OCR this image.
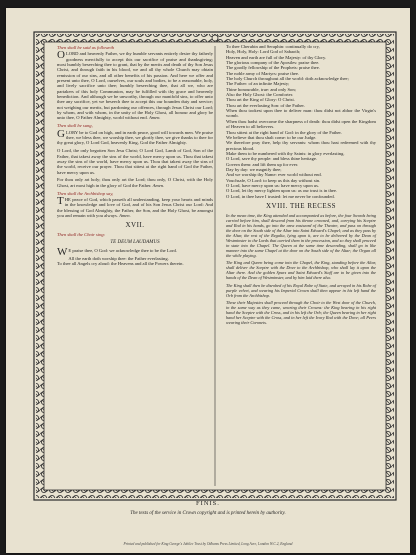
Then shall be said as followeth

OLORD and heavenly Father, we thy humble servants entirely desire thy fatherly goodness mercifully to accept this our sacrifice of praise and thanksgiving; most humbly beseeching thee to grant, that by the merits and death of thy Son Jesus Christ, and through faith in his blood, we and all thy whole Church may obtain remission of our sins, and all other benefits of his passion. And here we offer and present unto thee, O Lord, ourselves, our souls and bodies, to be a reasonable, holy, and lively sacrifice unto thee; humbly beseeching thee, that all we, who are partakers of this holy Communion, may be fulfilled with thy grace and heavenly benediction. And although we be unworthy, through our manifold sins, to offer unto thee any sacrifice, yet we beseech thee to accept this our bounden duty and service; not weighing our merits, but pardoning our offences, through Jesus Christ our Lord; by whom, and with whom, in the unity of the Holy Ghost, all honour and glory be unto thee, O Father Almighty, world without end. Amen.

Then shall be sung,

GLORY be to God on high, and in earth peace, good will towards men. We praise thee, we bless thee, we worship thee, we glorify thee, we give thanks to thee for thy great glory, O Lord God, heavenly King, God the Father Almighty.

O Lord, the only begotten Son Jesu Christ; O Lord God, Lamb of God, Son of the Father, that takest away the sins of the world, have mercy upon us. Thou that takest away the sins of the world, have mercy upon us. Thou that takest away the sins of the world, receive our prayer. Thou that sittest at the right hand of God the Father, have mercy upon us.

For thou only art holy; thou only art the Lord; thou only, O Christ, with the Holy Ghost, art most high in the glory of God the Father. Amen.

Then shall the Archbishop say,

THE peace of God, which passeth all understanding, keep your hearts and minds in the knowledge and love of God, and of his Son Jesus Christ our Lord: And the blessing of God Almighty, the Father, the Son, and the Holy Ghost, be amongst you and remain with you always. Amen.

XVII.

Then shall the Choir sing:

TE DEUM LAUDAMUS

W E praise thee, O God: we acknowledge thee to be the Lord.

All the earth doth worship thee: the Father everlasting.

To thee all Angels cry aloud: the Heavens and all the Powers therein.

To thee Cherubin and Seraphin: continually do cry,

Holy, Holy, Holy: Lord God of Sabaoth;

Heaven and earth are full of the Majesty: of thy Glory.

The glorious company of the Apostles: praise thee.

The goodly fellowship of the Prophets: praise thee.

The noble army of Martyrs: praise thee.

The holy Church throughout all the world: doth acknowledge thee;

The Father: of an infinite Majesty;

Thine honourable, true: and only Son;

Also the Holy Ghost: the Comforter.

Thou art the King of Glory: O Christ.

Thou art the everlasting Son: of the Father.

When thou tookest upon thee to deliver man: thou didst not abhor the Virgin's womb.

When thou hadst overcome the sharpness of death: thou didst open the Kingdom of Heaven to all believers.

Thou sittest at the right hand of God: in the glory of the Father.

We believe that thou shalt come: to be our Judge.

We therefore pray thee, help thy servants: whom thou hast redeemed with thy precious blood.

Make them to be numbered with thy Saints: in glory everlasting.

O Lord, save thy people: and bless thine heritage.

Govern them: and lift them up for ever.

Day by day: we magnify thee;

And we worship thy Name: ever world without end.

Vouchsafe, O Lord: to keep us this day without sin.

O Lord, have mercy upon us: have mercy upon us.

O Lord, let thy mercy lighten upon us: as our trust is in thee.

O Lord, in thee have I trusted: let me never be confounded.

XVIII. THE RECESS

In the mean time, the King attended and accompanied as before, the four Swords being carried before him, shall descend from his throne crowned, and, carrying his Sceptre and Rod in his hands, go into the area eastward of the Theatre, and pass on through the door on the South side of the Altar into Saint Edward's Chapel; and as they pass by the Altar, the rest of the Regalia, lying upon it, are to be delivered by the Dean of Westminster to the Lords that carried them in the procession, and so they shall proceed in state into the Chapel. The Queen at the same time descending, shall go in like manner into the same Chapel at the door on the South side of the Altar; the Organ all the while playing.

The King and Queen being come into the Chapel, the King, standing before the Altar, shall deliver the Sceptre with the Dove to the Archbishop, who shall lay it upon the Altar there. And the golden Spurs and Saint Edward's Staff are to be given into the hands of the Dean of Westminster, and by him laid there also.

The King shall then be disrobed of his Royal Robe of State, and arrayed in his Robe of purple velvet, and wearing his Imperial Crown shall then appear in his left hand the Orb from the Archbishop.

These their Majesties shall proceed through the Choir to the West door of the Church, in the same way as they came, wearing their Crowns: the King bearing in his right hand the Sceptre with the Cross, and in his left the Orb; the Queen bearing in her right hand her Sceptre with the Cross, and in her left the Ivory Rod with the Dove; all Peers wearing their Coronets.

FINIS.
The texts of the service in Crown copyright and is printed herein by authority.
Printed and published for King George's Jubilee Trust by Odhams Press Limited, Long Acre, London W.C.2, England
